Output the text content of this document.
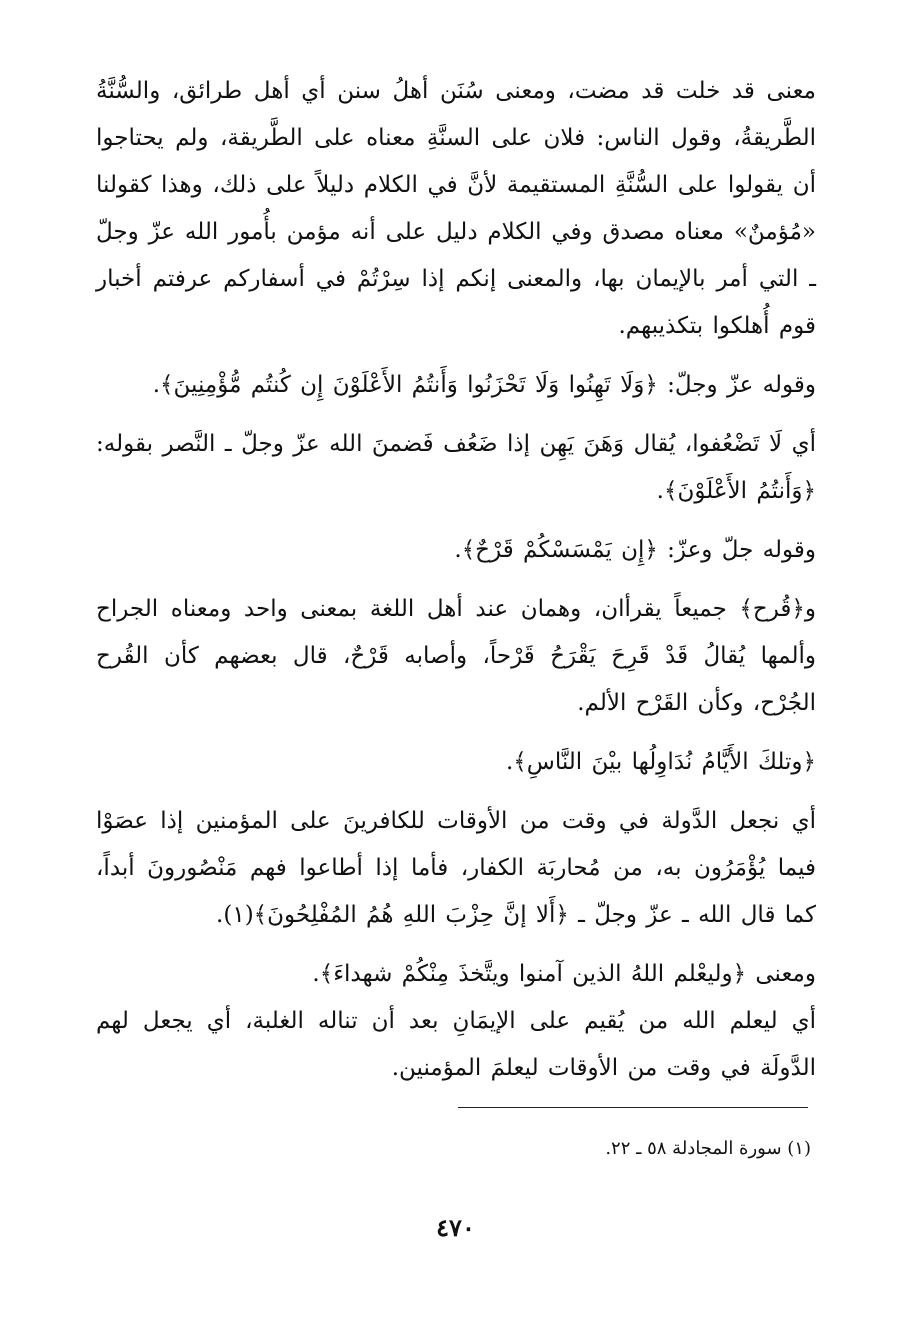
معنى قد خلت قد مضت، ومعنى سُنَن أهلُ سنن أي أهل طرائق، والسُّنَّةُ الطَّريقةُ، وقول الناس: فلان على السنَّةِ معناه على الطَّريقة، ولم يحتاجوا أن يقولوا على السُّنَّةِ المستقيمة لأنَّ في الكلام دليلاً على ذلك، وهذا كقولنا «مُؤمنٌ» معناه مصدق وفي الكلام دليل على أنه مؤمن بأُمور الله عزّ وجلّ ـ التي أمر بالإيمان بها، والمعنى إنكم إذا سِرْتُمْ في أسفاركم عرفتم أخبار قوم أُهلكوا بتكذيبهم.

وقوله عزّ وجلّ: ﴿وَلَا تَهِنُوا وَلَا تَحْزَنُوا وَأَنتُمُ الأَعْلَوْنَ إِن كُنتُم مُّؤْمِنِينَ﴾.

أي لَا تَضْعُفوا، يُقال وَهَنَ يَهِن إذا ضَعُف فَضمنَ الله عزّ وجلّ ـ النَّصر بقوله: ﴿وَأَنتُمُ الأَعْلَوْنَ﴾.

وقوله جلّ وعزّ: ﴿إِن يَمْسَسْكُمْ قَرْحٌ﴾.

و﴿قُرح﴾ جميعاً يقرأان، وهمان عند أهل اللغة بمعنى واحد ومعناه الجراح وألمها يُقالُ قَدْ قَرِحَ يَقْرَحُ قَرْحاً، وأصابه قَرْحٌ، قال بعضهم كأن القُرح الجُرْح، وكأن القَرْح الألم.

﴿وتلكَ الأَيَّامُ نُدَاوِلُها بيْنَ النَّاسِ﴾.

أي نجعل الدَّولة في وقت من الأوقات للكافرينَ على المؤمنين إذا عصَوْا فيما يُؤْمَرُون به، من مُحاربَة الكفار، فأما إذا أطاعوا فهم مَنْصُورونَ أبداً، كما قال الله ـ عزّ وجلّ ـ ﴿أَلا إنَّ حِزْبَ اللهِ هُمُ المُفْلِحُونَ﴾(١).

ومعنى ﴿وليعْلم اللهُ الذين آمنوا ويتَّخذَ مِنْكُمْ شهداءَ﴾.

أي ليعلم الله من يُقيم على الإيمَانِ بعد أن تناله الغلبة، أي يجعل لهم الدَّولَة في وقت من الأوقات ليعلمَ المؤمنين.

(١) سورة المجادلة ٥٨ ـ ٢٢.
٤٧٠
